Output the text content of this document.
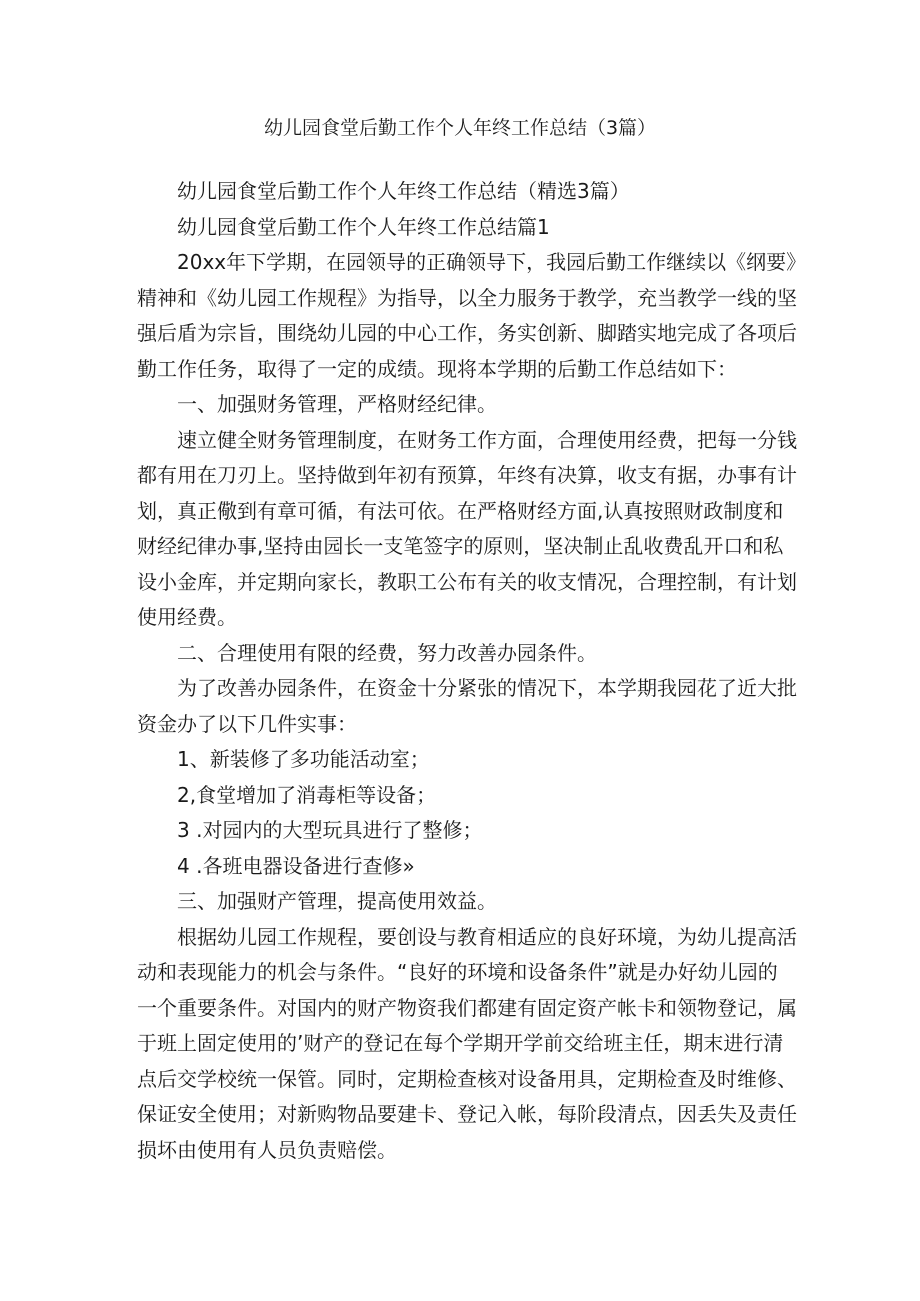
幼儿园食堂后勤工作个人年终工作总结（3篇）

幼儿园食堂后勤工作个人年终工作总结（精选3篇）

幼儿园食堂后勤工作个人年终工作总结篇1

20xx年下学期，在园领导的正确领导下，我园后勤工作继续以《纲要》精神和《幼儿园工作规程》为指导，以全力服务于教学，充当教学一线的坚强后盾为宗旨，围绕幼儿园的中心工作，务实创新、脚踏实地完成了各项后勤工作任务，取得了一定的成绩。现将本学期的后勤工作总结如下：

一、加强财务管理，严格财经纪律。

速立健全财务管理制度，在财务工作方面，合理使用经费，把每一分钱都有用在刀刃上。坚持做到年初有预算，年终有决算，收支有据，办事有计划，真正儆到有章可循，有法可依。在严格财经方面,认真按照财政制度和财经纪律办事,坚持由园长一支笔签字的原则，坚决制止乱收费乱开口和私设小金库，并定期向家长，教职工公布有关的收支情况，合理控制，有计划使用经费。

二、合理使用有限的经费，努力改善办园条件。

为了改善办园条件，在资金十分紧张的情况下，本学期我园花了近大批资金办了以下几件实事：

1、新装修了多功能活动室；

2,食堂增加了消毒柜等设备；

3 .对园内的大型玩具进行了整修；

4 .各班电器设备进行查修»

三、加强财产管理，提高使用效益。

根据幼儿园工作规程，要创设与教育相适应的良好环境，为幼儿提高活动和表现能力的机会与条件。“良好的环境和设备条件”就是办好幼儿园的一个重要条件。对国内的财产物资我们都建有固定资产帐卡和领物登记，属于班上固定使用的’财产的登记在每个学期开学前交给班主任，期末进行清点后交学校统一保管。同时，定期检查核对设备用具，定期检查及时维修、保证安全使用；对新购物品要建卡、登记入帐，每阶段清点，因丢失及责任损坏由使用有人员负责赔偿。
